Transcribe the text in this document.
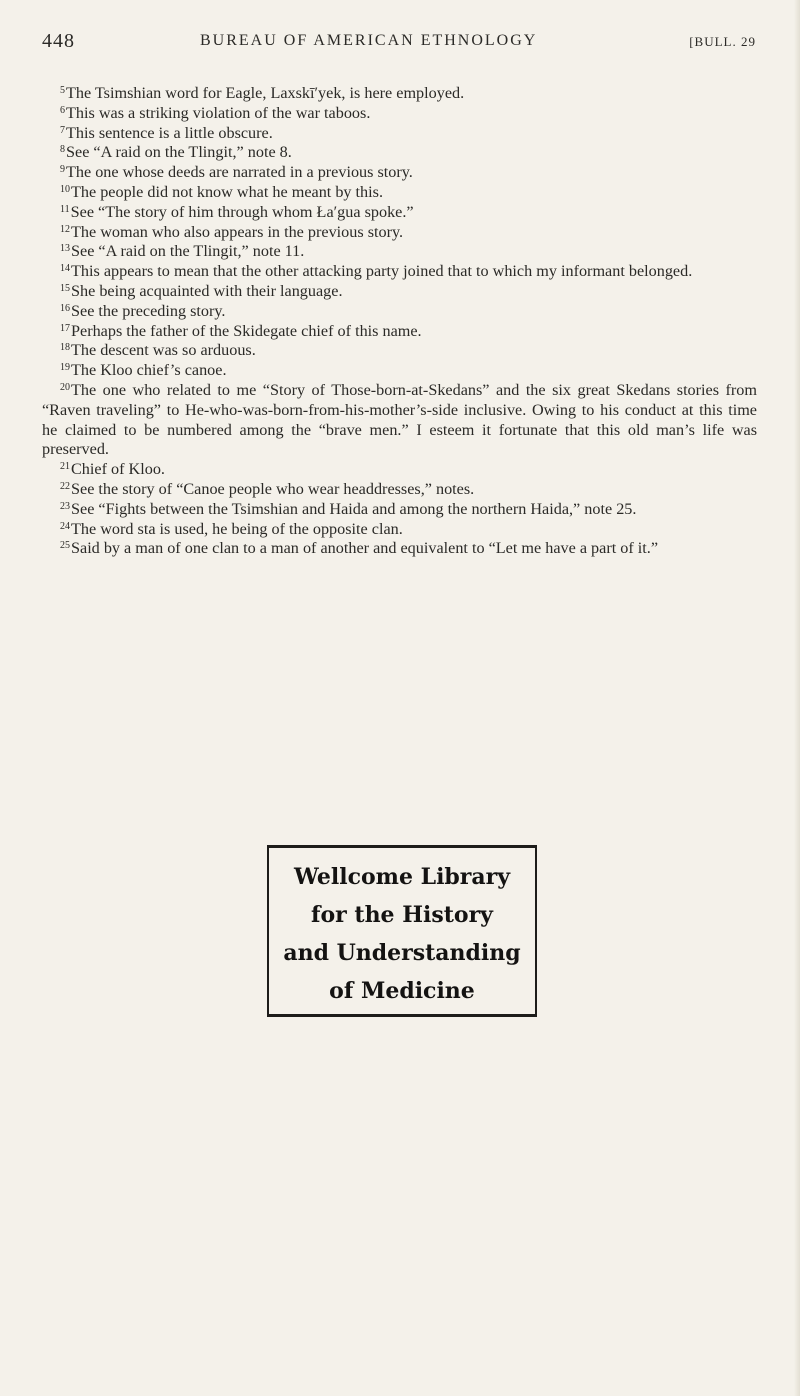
448	BUREAU OF AMERICAN ETHNOLOGY	[BULL. 29

$^5$The Tsimshian word for Eagle, Laxskī′yek, is here employed.

$^6$This was a striking violation of the war taboos.

$^7$This sentence is a little obscure.

$^8$See “A raid on the Tlingit,” note 8.

$^9$The one whose deeds are narrated in a previous story.

$^{10}$The people did not know what he meant by this.

$^{11}$See “The story of him through whom Ła′gua spoke.”

$^{12}$The woman who also appears in the previous story.

$^{13}$See “A raid on the Tlingit,” note 11.

$^{14}$This appears to mean that the other attacking party joined that to which my informant belonged.

$^{15}$She being acquainted with their language.

$^{16}$See the preceding story.

$^{17}$Perhaps the father of the Skidegate chief of this name.

$^{18}$The descent was so arduous.

$^{19}$The Kloo chief’s canoe.

$^{20}$The one who related to me “Story of Those-born-at-Skedans” and the six great Skedans stories from “Raven traveling” to He-who-was-born-from-his-mother’s-side inclusive. Owing to his conduct at this time he claimed to be numbered among the “brave men.” I esteem it fortunate that this old man’s life was preserved.

$^{21}$Chief of Kloo.

$^{22}$See the story of “Canoe people who wear headdresses,” notes.

$^{23}$See “Fights between the Tsimshian and Haida and among the northern Haida,” note 25.

$^{24}$The word sta is used, he being of the opposite clan.

$^{25}$Said by a man of one clan to a man of another and equivalent to “Let me have a part of it.”

Wellcome Library
for the History
and Understanding
of Medicine
